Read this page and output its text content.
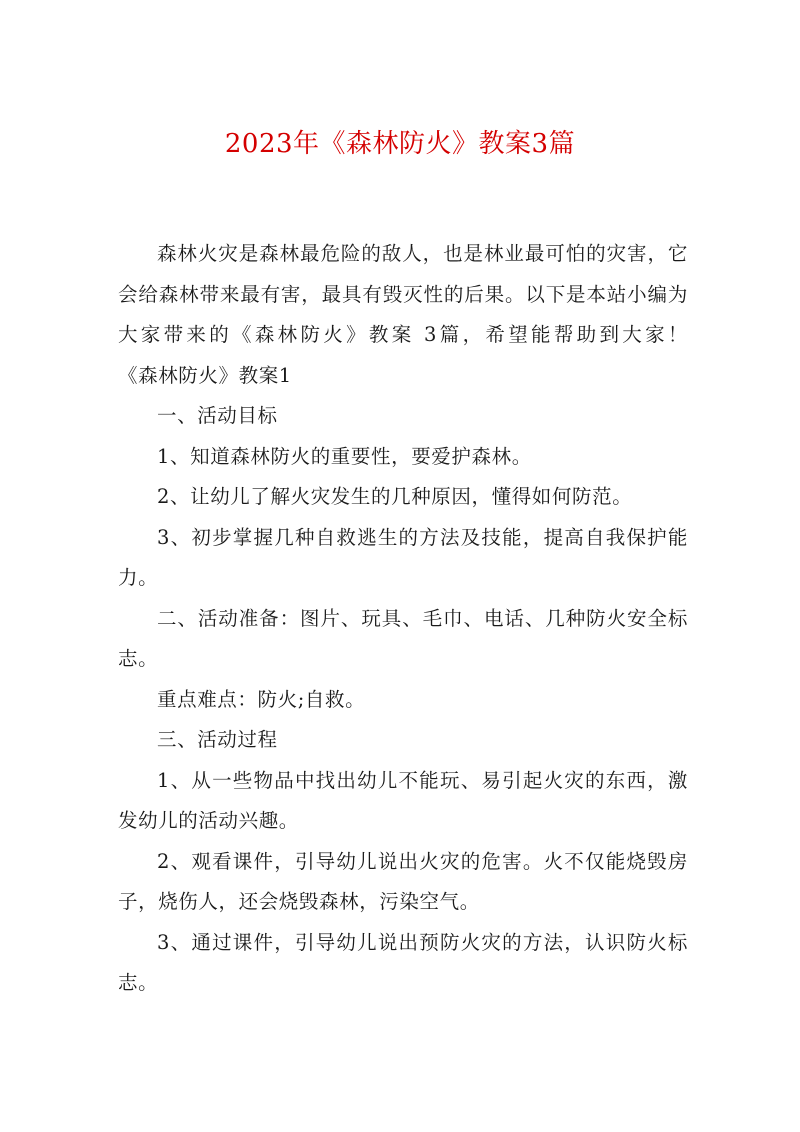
2023年《森林防火》教案3篇

森林火灾是森林最危险的敌人，也是林业最可怕的灾害，它会给森林带来最有害，最具有毁灭性的后果。以下是本站小编为大家带来的《森林防火》教案 3篇，希望能帮助到大家！　　《森林防火》教案1

一、活动目标

1、知道森林防火的重要性，要爱护森林。

2、让幼儿了解火灾发生的几种原因，懂得如何防范。

3、初步掌握几种自救逃生的方法及技能，提高自我保护能力。

二、活动准备：图片、玩具、毛巾、电话、几种防火安全标志。

重点难点：防火;自救。

三、活动过程

1、从一些物品中找出幼儿不能玩、易引起火灾的东西，激发幼儿的活动兴趣。

2、观看课件，引导幼儿说出火灾的危害。火不仅能烧毁房子，烧伤人，还会烧毁森林，污染空气。

3、通过课件，引导幼儿说出预防火灾的方法，认识防火标志。
